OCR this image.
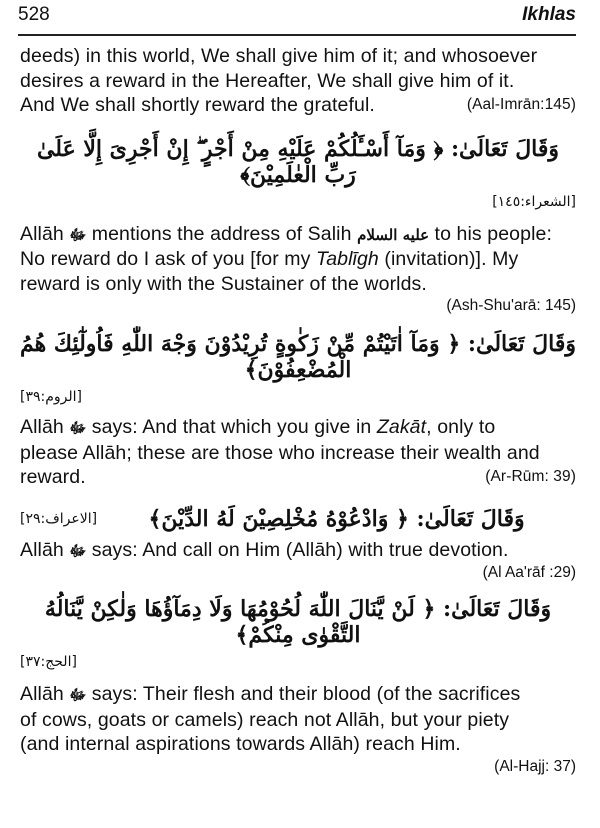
528	Ikhlas

deeds) in this world, We shall give him of it; and whosoever

desires a reward in the Hereafter, We shall give him of it.

And We shall shortly reward the grateful.	(Aal-Imrān:145)

وَقَالَ تَعَالَىٰ: ﴿ وَمَآ أَسْـَٔلُكُمْ عَلَيْهِ مِنْ أَجْرٍ ۖ إِنْ أَجْرِىَ إِلَّا عَلَىٰ رَبِّ الْعٰلَمِيْنَ﴾

[الشعراء:١٤٥]

Allāh ﷻ mentions the address of Salih عليه السلام to his people:

No reward do I ask of you [for my Tablīgh (invitation)]. My

reward is only with the Sustainer of the worlds.

(Ash-Shu'arā: 145)

وَقَالَ تَعَالَىٰ: ﴿ وَمَآ اٰتَيْتُمْ مِّنْ زَكٰوةٍ تُرِيْدُوْنَ وَجْهَ اللّٰهِ فَاُولٰٓئِكَ هُمُ الْمُضْعِفُوْنَ﴾

[الروم:٣٩]

Allāh ﷻ says: And that which you give in Zakāt, only to

please Allāh; these are those who increase their wealth and

reward.	(Ar-Rūm: 39)

[الاعراف:٢٩]	وَقَالَ تَعَالَىٰ: ﴿ وَادْعُوْهُ مُخْلِصِيْنَ لَهُ الدِّيْنَ﴾

Allāh ﷻ says: And call on Him (Allāh) with true devotion.

(Al Aa'rāf :29)

وَقَالَ تَعَالَىٰ: ﴿ لَنْ يَّنَالَ اللّٰهَ لُحُوْمُهَا وَلَا دِمَآؤُهَا وَلٰكِنْ يَّنَالُهُ التَّقْوٰى مِنْكُمْ﴾

[الحج:٣٧]

Allāh ﷻ says: Their flesh and their blood (of the sacrifices

of cows, goats or camels) reach not Allāh, but your piety

(and internal aspirations towards Allāh) reach Him.

(Al-Hajj: 37)
